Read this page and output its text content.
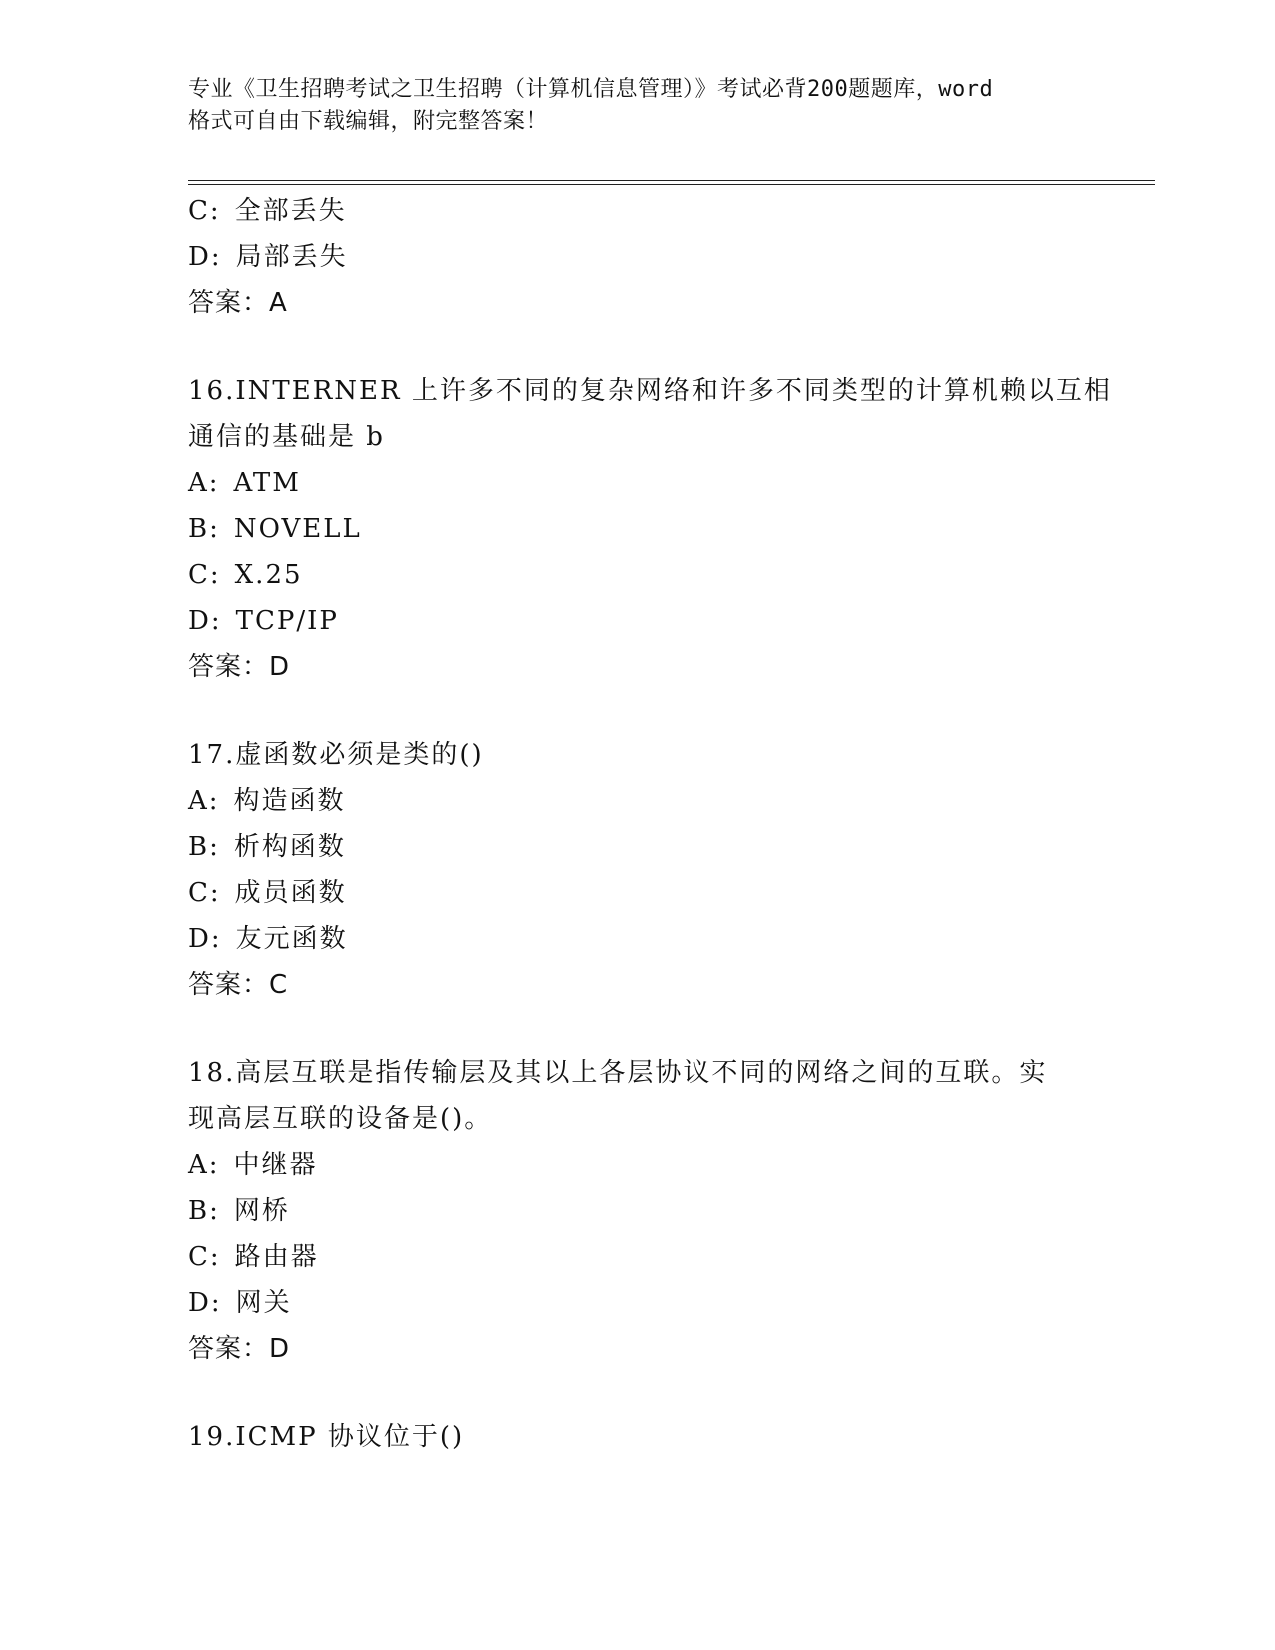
专业《卫生招聘考试之卫生招聘（计算机信息管理）》考试必背200题题库，word
格式可自由下载编辑，附完整答案！
C: 全部丢失
D: 局部丢失
答案：A
16.INTERNER 上许多不同的复杂网络和许多不同类型的计算机赖以互相
通信的基础是 b
A: ATM
B: NOVELL
C: X.25
D: TCP/IP
答案：D
17.虚函数必须是类的()
A: 构造函数
B: 析构函数
C: 成员函数
D: 友元函数
答案：C
18.高层互联是指传输层及其以上各层协议不同的网络之间的互联。实
现高层互联的设备是()。
A: 中继器
B: 网桥
C: 路由器
D: 网关
答案：D
19.ICMP 协议位于()
